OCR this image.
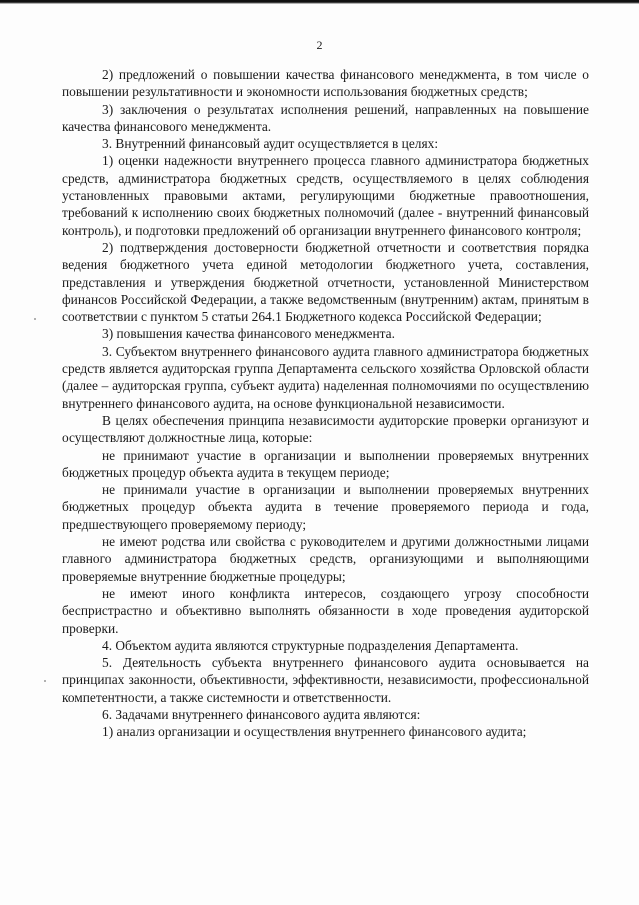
2

2) предложений о повышении качества финансового менеджмента, в том числе о повышении результативности и экономности использования бюджетных средств;

3) заключения о результатах исполнения решений, направленных на повышение качества финансового менеджмента.

3. Внутренний финансовый аудит осуществляется в целях:

1) оценки надежности внутреннего процесса главного администратора бюджетных средств, администратора бюджетных средств, осуществляемого в целях соблюдения установленных правовыми актами, регулирующими бюджетные правоотношения, требований к исполнению своих бюджетных полномочий (далее - внутренний финансовый контроль), и подготовки предложений об организации внутреннего финансового контроля;

2) подтверждения достоверности бюджетной отчетности и соответствия порядка ведения бюджетного учета единой методологии бюджетного учета, составления, представления и утверждения бюджетной отчетности, установленной Министерством финансов Российской Федерации, а также ведомственным (внутренним) актам, принятым в соответствии с пунктом 5 статьи 264.1 Бюджетного кодекса Российской Федерации;

3) повышения качества финансового менеджмента.

3. Субъектом внутреннего финансового аудита главного администратора бюджетных средств является аудиторская группа Департамента сельского хозяйства Орловской области (далее – аудиторская группа, субъект аудита) наделенная полномочиями по осуществлению внутреннего финансового аудита, на основе функциональной независимости.

В целях обеспечения принципа независимости аудиторские проверки организуют и осуществляют должностные лица, которые:

не принимают участие в организации и выполнении проверяемых внутренних бюджетных процедур объекта аудита в текущем периоде;

не принимали участие в организации и выполнении проверяемых внутренних бюджетных процедур объекта аудита в течение проверяемого периода и года, предшествующего проверяемому периоду;

не имеют родства или свойства с руководителем и другими должностными лицами главного администратора бюджетных средств, организующими и выполняющими проверяемые внутренние бюджетные процедуры;

не имеют иного конфликта интересов, создающего угрозу способности беспристрастно и объективно выполнять обязанности в ходе проведения аудиторской проверки.

4. Объектом аудита являются структурные подразделения Департамента.

5. Деятельность субъекта внутреннего финансового аудита основывается на принципах законности, объективности, эффективности, независимости, профессиональной компетентности, а также системности и ответственности.

6. Задачами внутреннего финансового аудита являются:

1) анализ организации и осуществления внутреннего финансового аудита;
